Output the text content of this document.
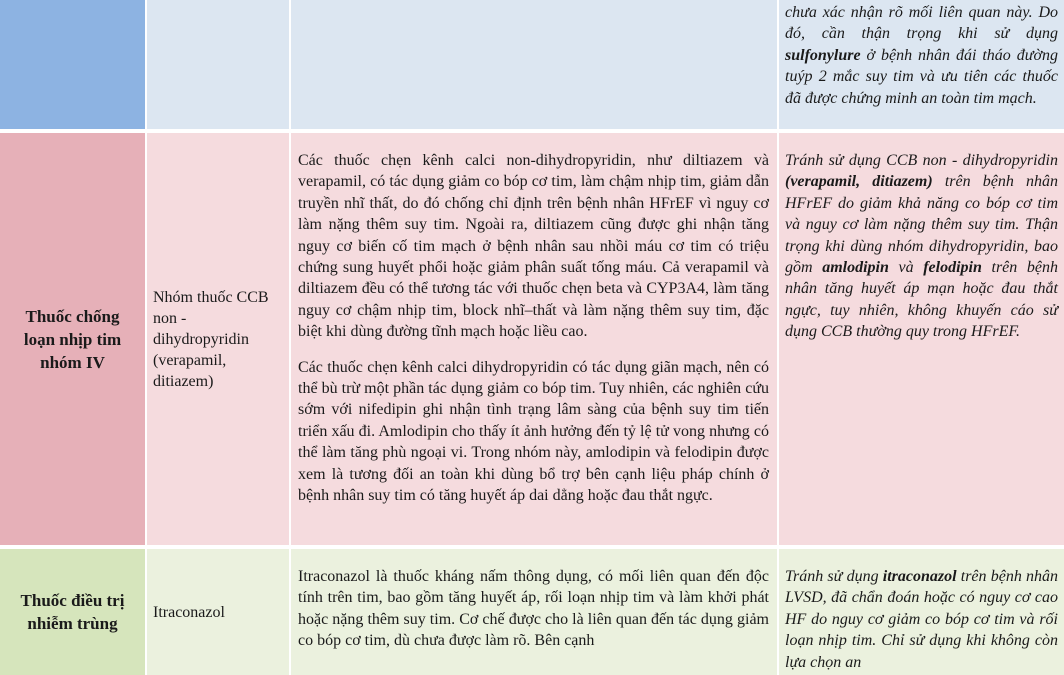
chưa xác nhận rõ mối liên quan này. Do đó, cần thận trọng khi sử dụng sulfonylure ở bệnh nhân đái tháo đường tuýp 2 mắc suy tim và ưu tiên các thuốc đã được chứng minh an toàn tim mạch.

Thuốc chống loạn nhịp tim nhóm IV
Nhóm thuốc CCB non - dihydropyridin (verapamil, ditiazem)

Các thuốc chẹn kênh calci non-dihydropyridin, như diltiazem và verapamil, có tác dụng giảm co bóp cơ tim, làm chậm nhịp tim, giảm dẫn truyền nhĩ thất, do đó chống chỉ định trên bệnh nhân HFrEF vì nguy cơ làm nặng thêm suy tim. Ngoài ra, diltiazem cũng được ghi nhận tăng nguy cơ biến cố tim mạch ở bệnh nhân sau nhồi máu cơ tim có triệu chứng sung huyết phổi hoặc giảm phân suất tống máu. Cả verapamil và diltiazem đều có thể tương tác với thuốc chẹn beta và CYP3A4, làm tăng nguy cơ chậm nhịp tim, block nhĩ–thất và làm nặng thêm suy tim, đặc biệt khi dùng đường tĩnh mạch hoặc liều cao.

Các thuốc chẹn kênh calci dihydropyridin có tác dụng giãn mạch, nên có thể bù trừ một phần tác dụng giảm co bóp tim. Tuy nhiên, các nghiên cứu sớm với nifedipin ghi nhận tình trạng lâm sàng của bệnh suy tim tiến triển xấu đi. Amlodipin cho thấy ít ảnh hưởng đến tỷ lệ tử vong nhưng có thể làm tăng phù ngoại vi. Trong nhóm này, amlodipin và felodipin được xem là tương đối an toàn khi dùng bổ trợ bên cạnh liệu pháp chính ở bệnh nhân suy tim có tăng huyết áp dai dẳng hoặc đau thắt ngực.

Tránh sử dụng CCB non - dihydropyridin (verapamil, ditiazem) trên bệnh nhân HFrEF do giảm khả năng co bóp cơ tim và nguy cơ làm nặng thêm suy tim. Thận trọng khi dùng nhóm dihydropyridin, bao gồm amlodipin và felodipin trên bệnh nhân tăng huyết áp mạn hoặc đau thắt ngực, tuy nhiên, không khuyến cáo sử dụng CCB thường quy trong HFrEF.

Thuốc điều trị nhiễm trùng
Itraconazol

Itraconazol là thuốc kháng nấm thông dụng, có mối liên quan đến độc tính trên tim, bao gồm tăng huyết áp, rối loạn nhịp tim và làm khởi phát hoặc nặng thêm suy tim. Cơ chế được cho là liên quan đến tác dụng giảm co bóp cơ tim, dù chưa được làm rõ. Bên cạnh

Tránh sử dụng itraconazol trên bệnh nhân LVSD, đã chẩn đoán hoặc có nguy cơ cao HF do nguy cơ giảm co bóp cơ tim và rối loạn nhịp tim. Chỉ sử dụng khi không còn lựa chọn an
